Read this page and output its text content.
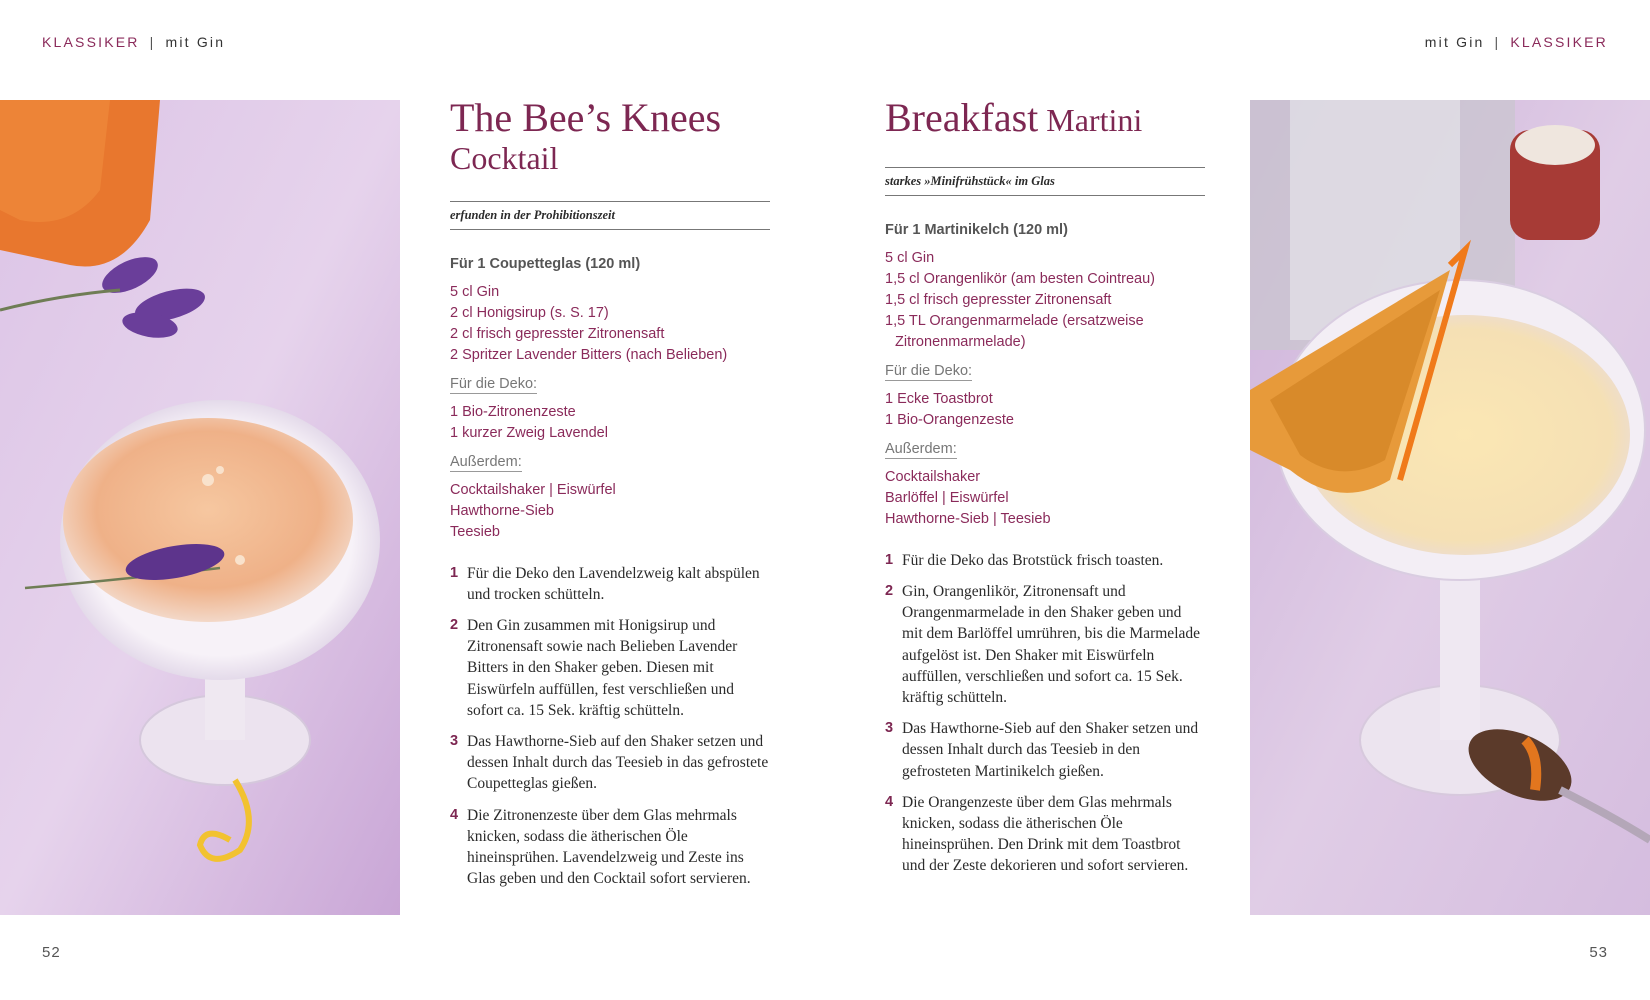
KLASSIKER | mit Gin	mit Gin | KLASSIKER
The Bee’s Knees
Cocktail
erfunden in der Prohibitionszeit
Für 1 Coupetteglas (120 ml)
5 cl Gin
2 cl Honigsirup (s. S. 17)
2 cl frisch gepresster Zitronensaft
2 Spritzer Lavender Bitters (nach Belieben)
Für die Deko:
1 Bio-Zitronenzeste
1 kurzer Zweig Lavendel
Außerdem:
Cocktailshaker | Eiswürfel
Hawthorne-Sieb
Teesieb
1 Für die Deko den Lavendelzweig kalt abspülen und trocken schütteln.
2 Den Gin zusammen mit Honigsirup und Zitronensaft sowie nach Belieben Lavender Bitters in den Shaker geben. Diesen mit Eiswürfeln auffüllen, fest verschließen und sofort ca. 15 Sek. kräftig schütteln.
3 Das Hawthorne-Sieb auf den Shaker setzen und dessen Inhalt durch das Teesieb in das gefrostete Coupetteglas gießen.
4 Die Zitronenzeste über dem Glas mehrmals knicken, sodass die ätherischen Öle hineinsprühen. Lavendelzweig und Zeste ins Glas geben und den Cocktail sofort servieren.
Breakfast Martini
starkes »Minifrühstück« im Glas
Für 1 Martinikelch (120 ml)
5 cl Gin
1,5 cl Orangenlikör (am besten Cointreau)
1,5 cl frisch gepresster Zitronensaft
1,5 TL Orangenmarmelade (ersatzweise
Zitronenmarmelade)
Für die Deko:
1 Ecke Toastbrot
1 Bio-Orangenzeste
Außerdem:
Cocktailshaker
Barlöffel | Eiswürfel
Hawthorne-Sieb | Teesieb
1 Für die Deko das Brotstück frisch toasten.
2 Gin, Orangenlikör, Zitronensaft und Orangenmarmelade in den Shaker geben und mit dem Barlöffel umrühren, bis die Marmelade aufgelöst ist. Den Shaker mit Eiswürfeln auffüllen, verschließen und sofort ca. 15 Sek. kräftig schütteln.
3 Das Hawthorne-Sieb auf den Shaker setzen und dessen Inhalt durch das Teesieb in den gefrosteten Martinikelch gießen.
4 Die Orangenzeste über dem Glas mehrmals knicken, sodass die ätherischen Öle hineinsprühen. Den Drink mit dem Toastbrot und der Zeste dekorieren und sofort servieren.
52	53
